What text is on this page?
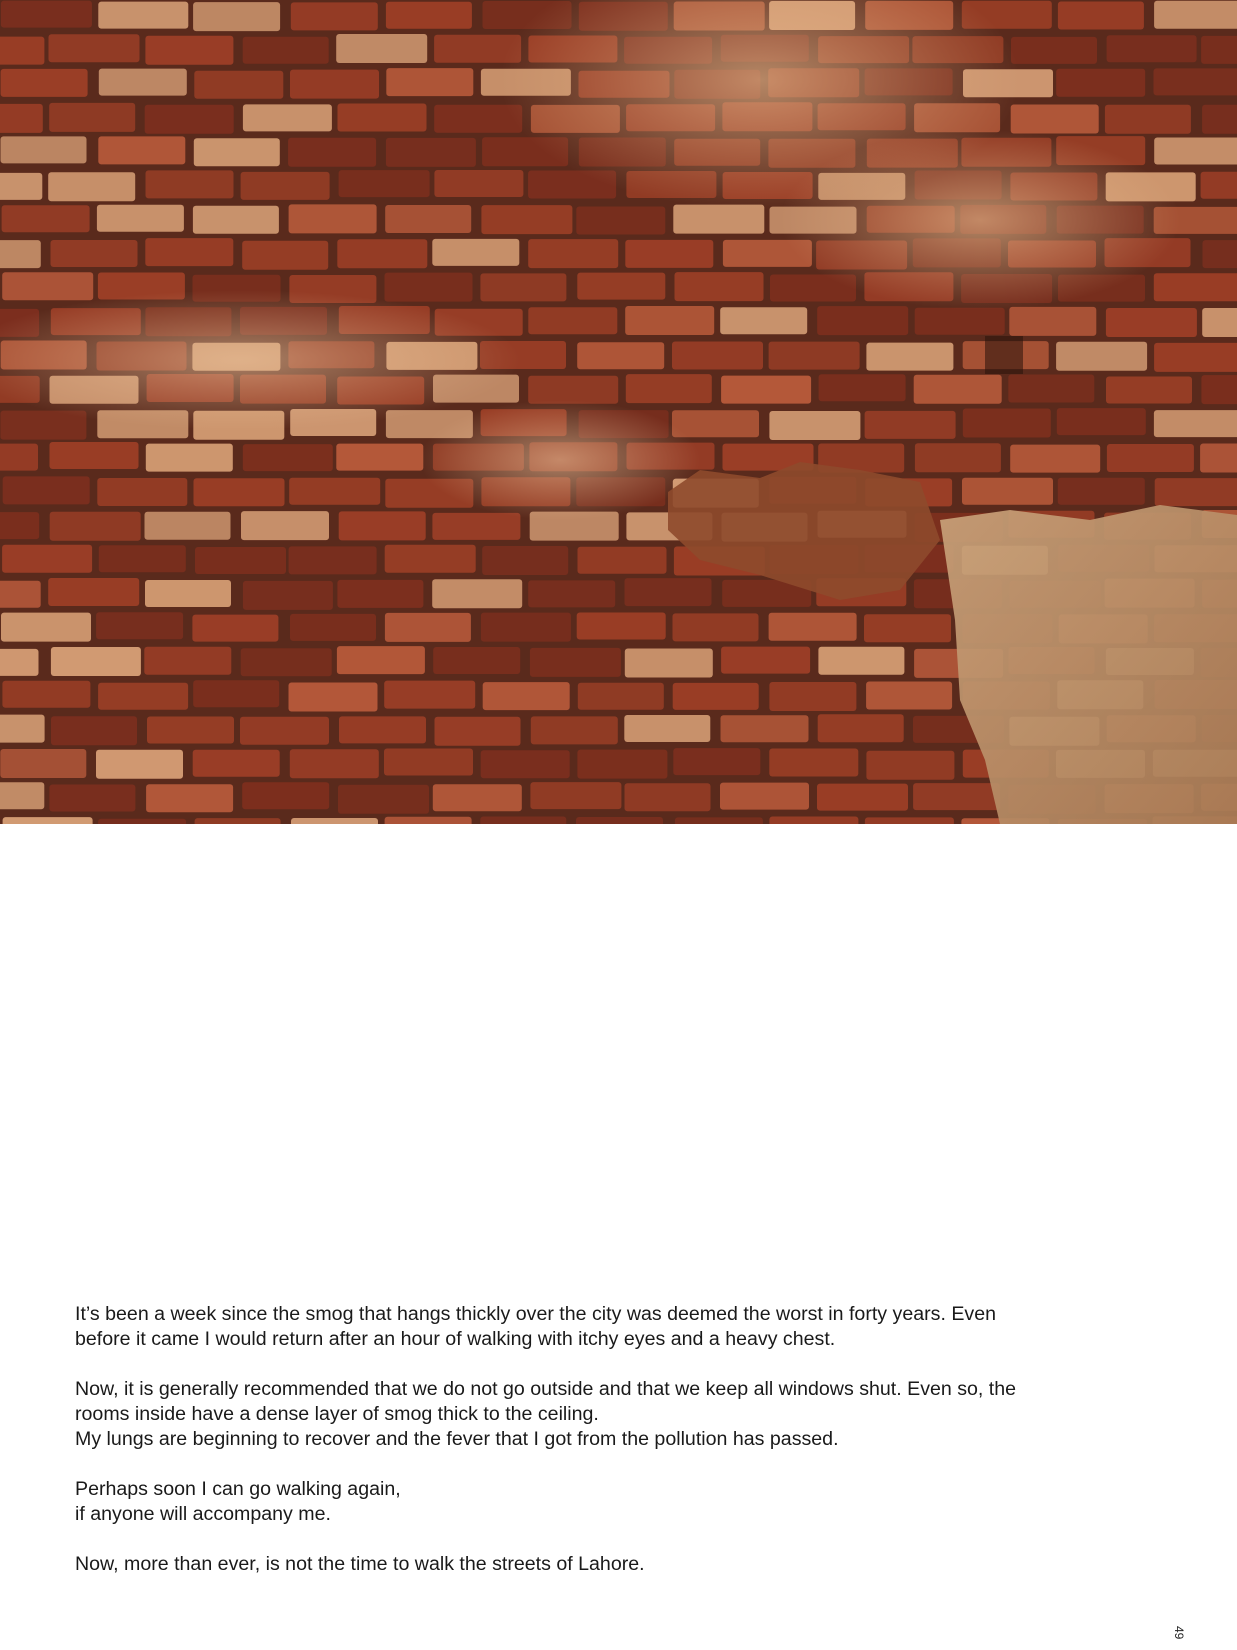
It’s been a week since the smog that hangs thickly over the city was deemed the worst in forty years. Even
before it came I would return after an hour of walking with itchy eyes and a heavy chest.

Now, it is generally recommended that we do not go outside and that we keep all windows shut. Even so, the
rooms inside have a dense layer of smog thick to the ceiling.
My lungs are beginning to recover and the fever that I got from the pollution has passed.

Perhaps soon I can go walking again,
if anyone will accompany me.

Now, more than ever, is not the time to walk the streets of Lahore.

49
